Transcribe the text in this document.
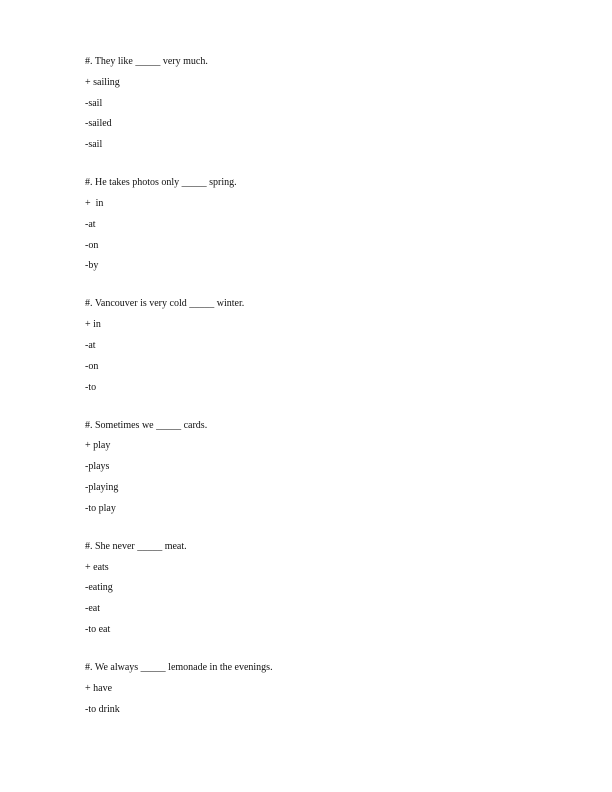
#. They like _____ very much.
+ sailing
-sail
-sailed
-sail
#. He takes photos only _____ spring.
+  in
-at
-on
-by
#. Vancouver is very cold _____ winter.
+ in
-at
-on
-to
#. Sometimes we _____ cards.
+ play
-plays
-playing
-to play
#. She never _____ meat.
+ eats
-eating
-eat
-to eat
#. We always _____ lemonade in the evenings.
+ have
-to drink
